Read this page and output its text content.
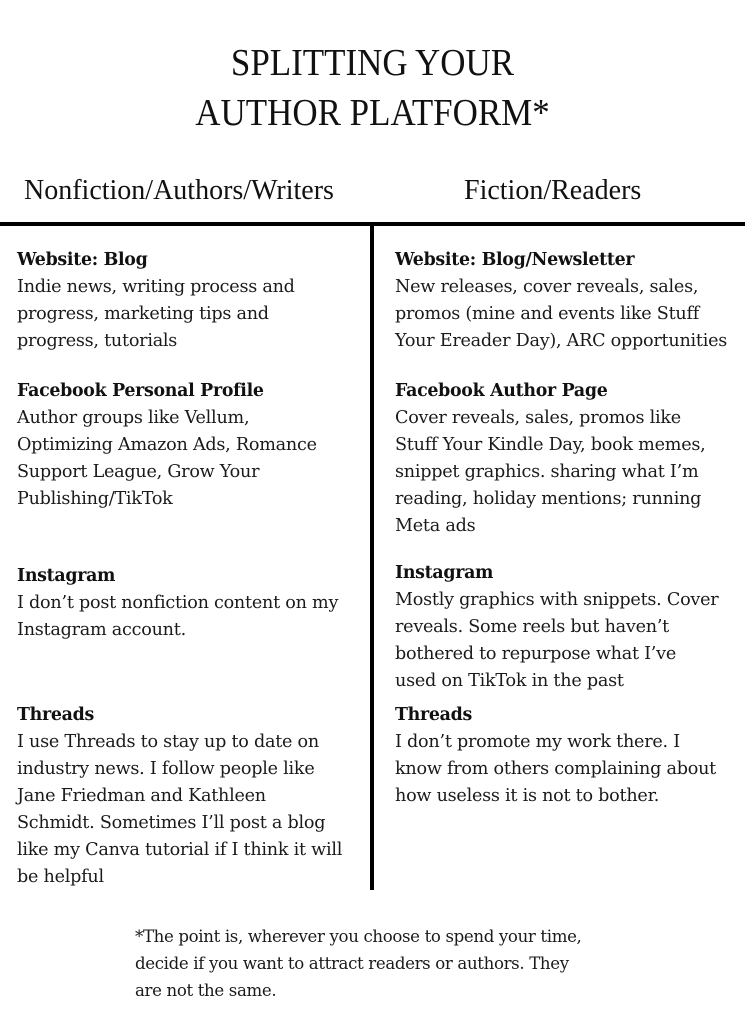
SPLITTING YOUR
AUTHOR PLATFORM*
Nonfiction/Authors/Writers	Fiction/Readers
Website: Blog
Indie news, writing process and
progress, marketing tips and
progress, tutorials
Facebook Personal Profile
Author groups like Vellum,
Optimizing Amazon Ads, Romance
Support League, Grow Your
Publishing/TikTok
Instagram
I don’t post nonfiction content on my
Instagram account.
Threads
I use Threads to stay up to date on
industry news. I follow people like
Jane Friedman and Kathleen
Schmidt. Sometimes I’ll post a blog
like my Canva tutorial if I think it will
be helpful
Website: Blog/Newsletter
New releases, cover reveals, sales,
promos (mine and events like Stuff
Your Ereader Day), ARC opportunities
Facebook Author Page
Cover reveals, sales, promos like
Stuff Your Kindle Day, book memes,
snippet graphics. sharing what I’m
reading, holiday mentions; running
Meta ads
Instagram
Mostly graphics with snippets. Cover
reveals. Some reels but haven’t
bothered to repurpose what I’ve
used on TikTok in the past
Threads
I don’t promote my work there. I
know from others complaining about
how useless it is not to bother.
*The point is, wherever you choose to spend your time,
decide if you want to attract readers or authors. They
are not the same.
